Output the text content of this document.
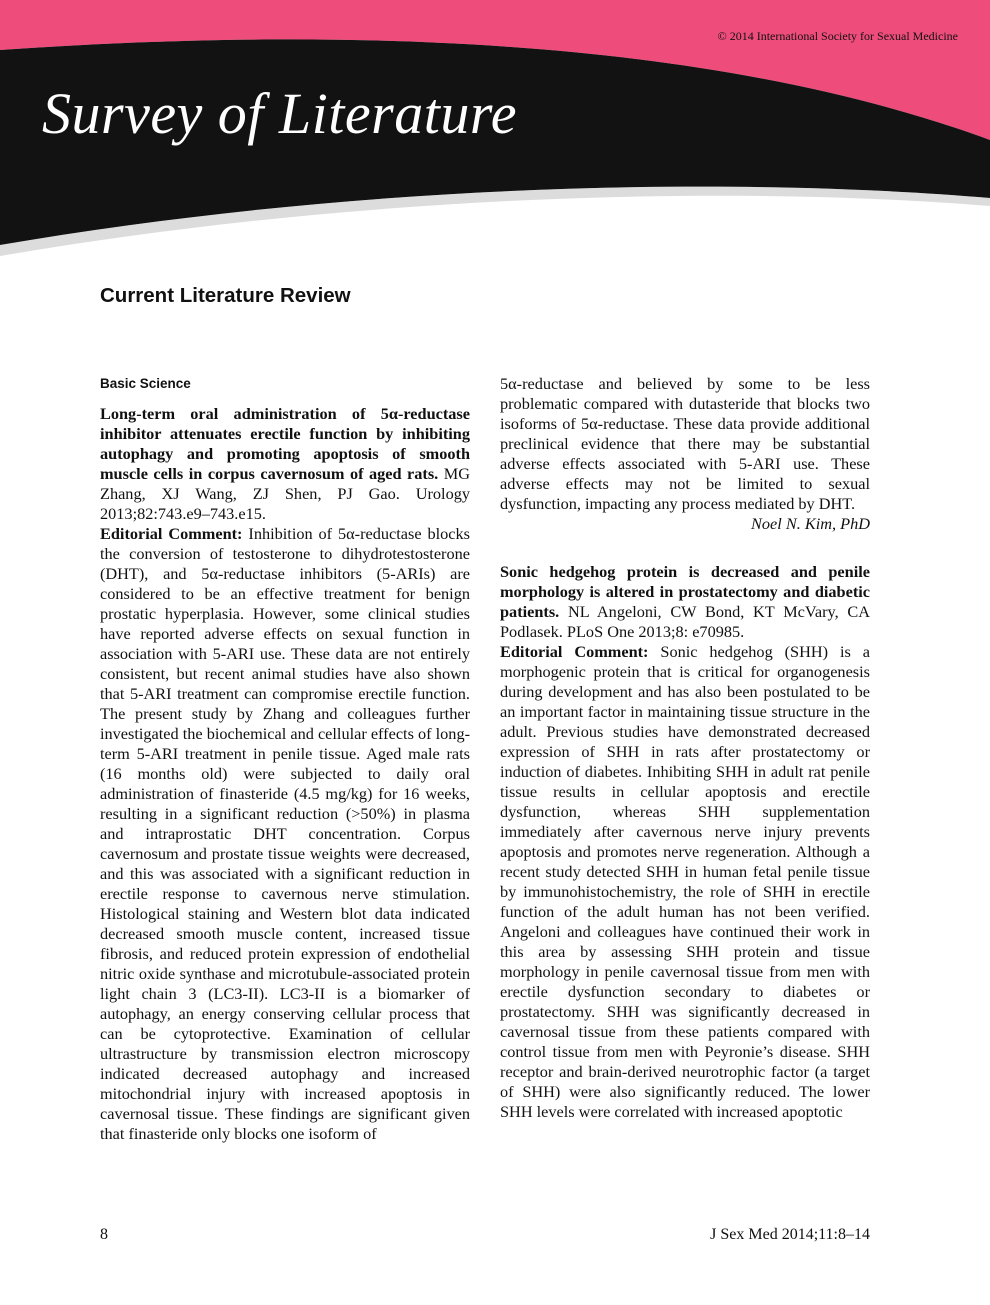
© 2014 International Society for Sexual Medicine
Survey of Literature
Current Literature Review
Basic Science

Long-term oral administration of 5α-reductase inhibitor attenuates erectile function by inhibiting autophagy and promoting apoptosis of smooth muscle cells in corpus cavernosum of aged rats. MG Zhang, XJ Wang, ZJ Shen, PJ Gao. Urology 2013;82:743.e9–743.e15.

Editorial Comment: Inhibition of 5α-reductase blocks the conversion of testosterone to dihydrotestosterone (DHT), and 5α-reductase inhibitors (5-ARIs) are considered to be an effective treatment for benign prostatic hyperplasia. However, some clinical studies have reported adverse effects on sexual function in association with 5-ARI use. These data are not entirely consistent, but recent animal studies have also shown that 5-ARI treatment can compromise erectile function. The present study by Zhang and colleagues further investigated the biochemical and cellular effects of long-term 5-ARI treatment in penile tissue. Aged male rats (16 months old) were subjected to daily oral administration of finasteride (4.5 mg/kg) for 16 weeks, resulting in a significant reduction (>50%) in plasma and intraprostatic DHT concentration. Corpus cavernosum and prostate tissue weights were decreased, and this was associated with a significant reduction in erectile response to cavernous nerve stimulation. Histological staining and Western blot data indicated decreased smooth muscle content, increased tissue fibrosis, and reduced protein expression of endothelial nitric oxide synthase and microtubule-associated protein light chain 3 (LC3-II). LC3-II is a biomarker of autophagy, an energy conserving cellular process that can be cytoprotective. Examination of cellular ultrastructure by transmission electron microscopy indicated decreased autophagy and increased mitochondrial injury with increased apoptosis in cavernosal tissue. These findings are significant given that finasteride only blocks one isoform of

5α-reductase and believed by some to be less problematic compared with dutasteride that blocks two isoforms of 5α-reductase. These data provide additional preclinical evidence that there may be substantial adverse effects associated with 5-ARI use. These adverse effects may not be limited to sexual dysfunction, impacting any process mediated by DHT.

Noel N. Kim, PhD

Sonic hedgehog protein is decreased and penile morphology is altered in prostatectomy and diabetic patients. NL Angeloni, CW Bond, KT McVary, CA Podlasek. PLoS One 2013;8: e70985.

Editorial Comment: Sonic hedgehog (SHH) is a morphogenic protein that is critical for organogenesis during development and has also been postulated to be an important factor in maintaining tissue structure in the adult. Previous studies have demonstrated decreased expression of SHH in rats after prostatectomy or induction of diabetes. Inhibiting SHH in adult rat penile tissue results in cellular apoptosis and erectile dysfunction, whereas SHH supplementation immediately after cavernous nerve injury prevents apoptosis and promotes nerve regeneration. Although a recent study detected SHH in human fetal penile tissue by immunohistochemistry, the role of SHH in erectile function of the adult human has not been verified. Angeloni and colleagues have continued their work in this area by assessing SHH protein and tissue morphology in penile cavernosal tissue from men with erectile dysfunction secondary to diabetes or prostatectomy. SHH was significantly decreased in cavernosal tissue from these patients compared with control tissue from men with Peyronie’s disease. SHH receptor and brain-derived neurotrophic factor (a target of SHH) were also significantly reduced. The lower SHH levels were correlated with increased apoptotic

8	J Sex Med 2014;11:8–14
